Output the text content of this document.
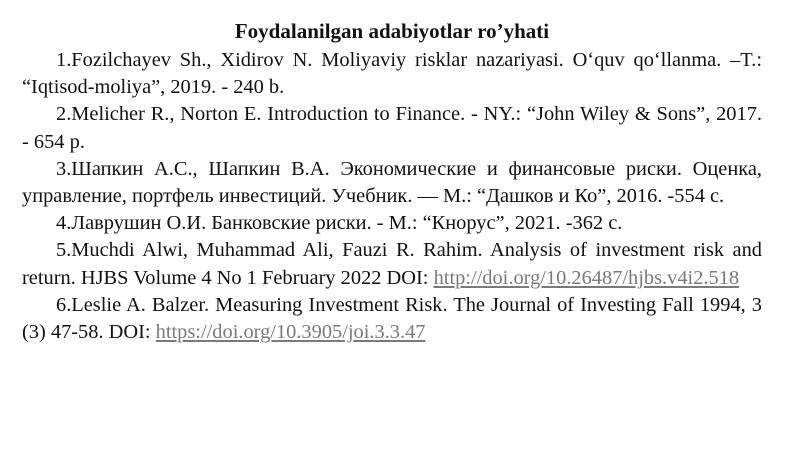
Foydalanilgan adabiyotlar ro’yhati

1.Fozilchayev Sh., Xidirov N. Moliyaviy risklar nazariyasi. O‘quv qo‘llanma. –T.: “Iqtisod-moliya”, 2019. - 240 b.

2.Melicher R., Norton E. Introduction to Finance. - NY.: “John Wiley & Sons”, 2017. - 654 p.

3.Шапкин А.С., Шапкин В.А. Экономические и финансовые риски. Оценка, управление, портфель инвестиций. Учебник. — М.: “Дашков и Ко”, 2016. -554 с.

4.Лаврушин О.И. Банковские риски. - М.: “Кнорус”, 2021. -362 с.

5.Muchdi Alwi, Muhammad Ali, Fauzi R. Rahim. Analysis of investment risk and return. HJBS Volume 4 No 1 February 2022 DOI: http://doi.org/10.26487/hjbs.v4i2.518

6.Leslie A. Balzer. Measuring Investment Risk. The Journal of Investing Fall 1994, 3 (3) 47-58. DOI: https://doi.org/10.3905/joi.3.3.47
